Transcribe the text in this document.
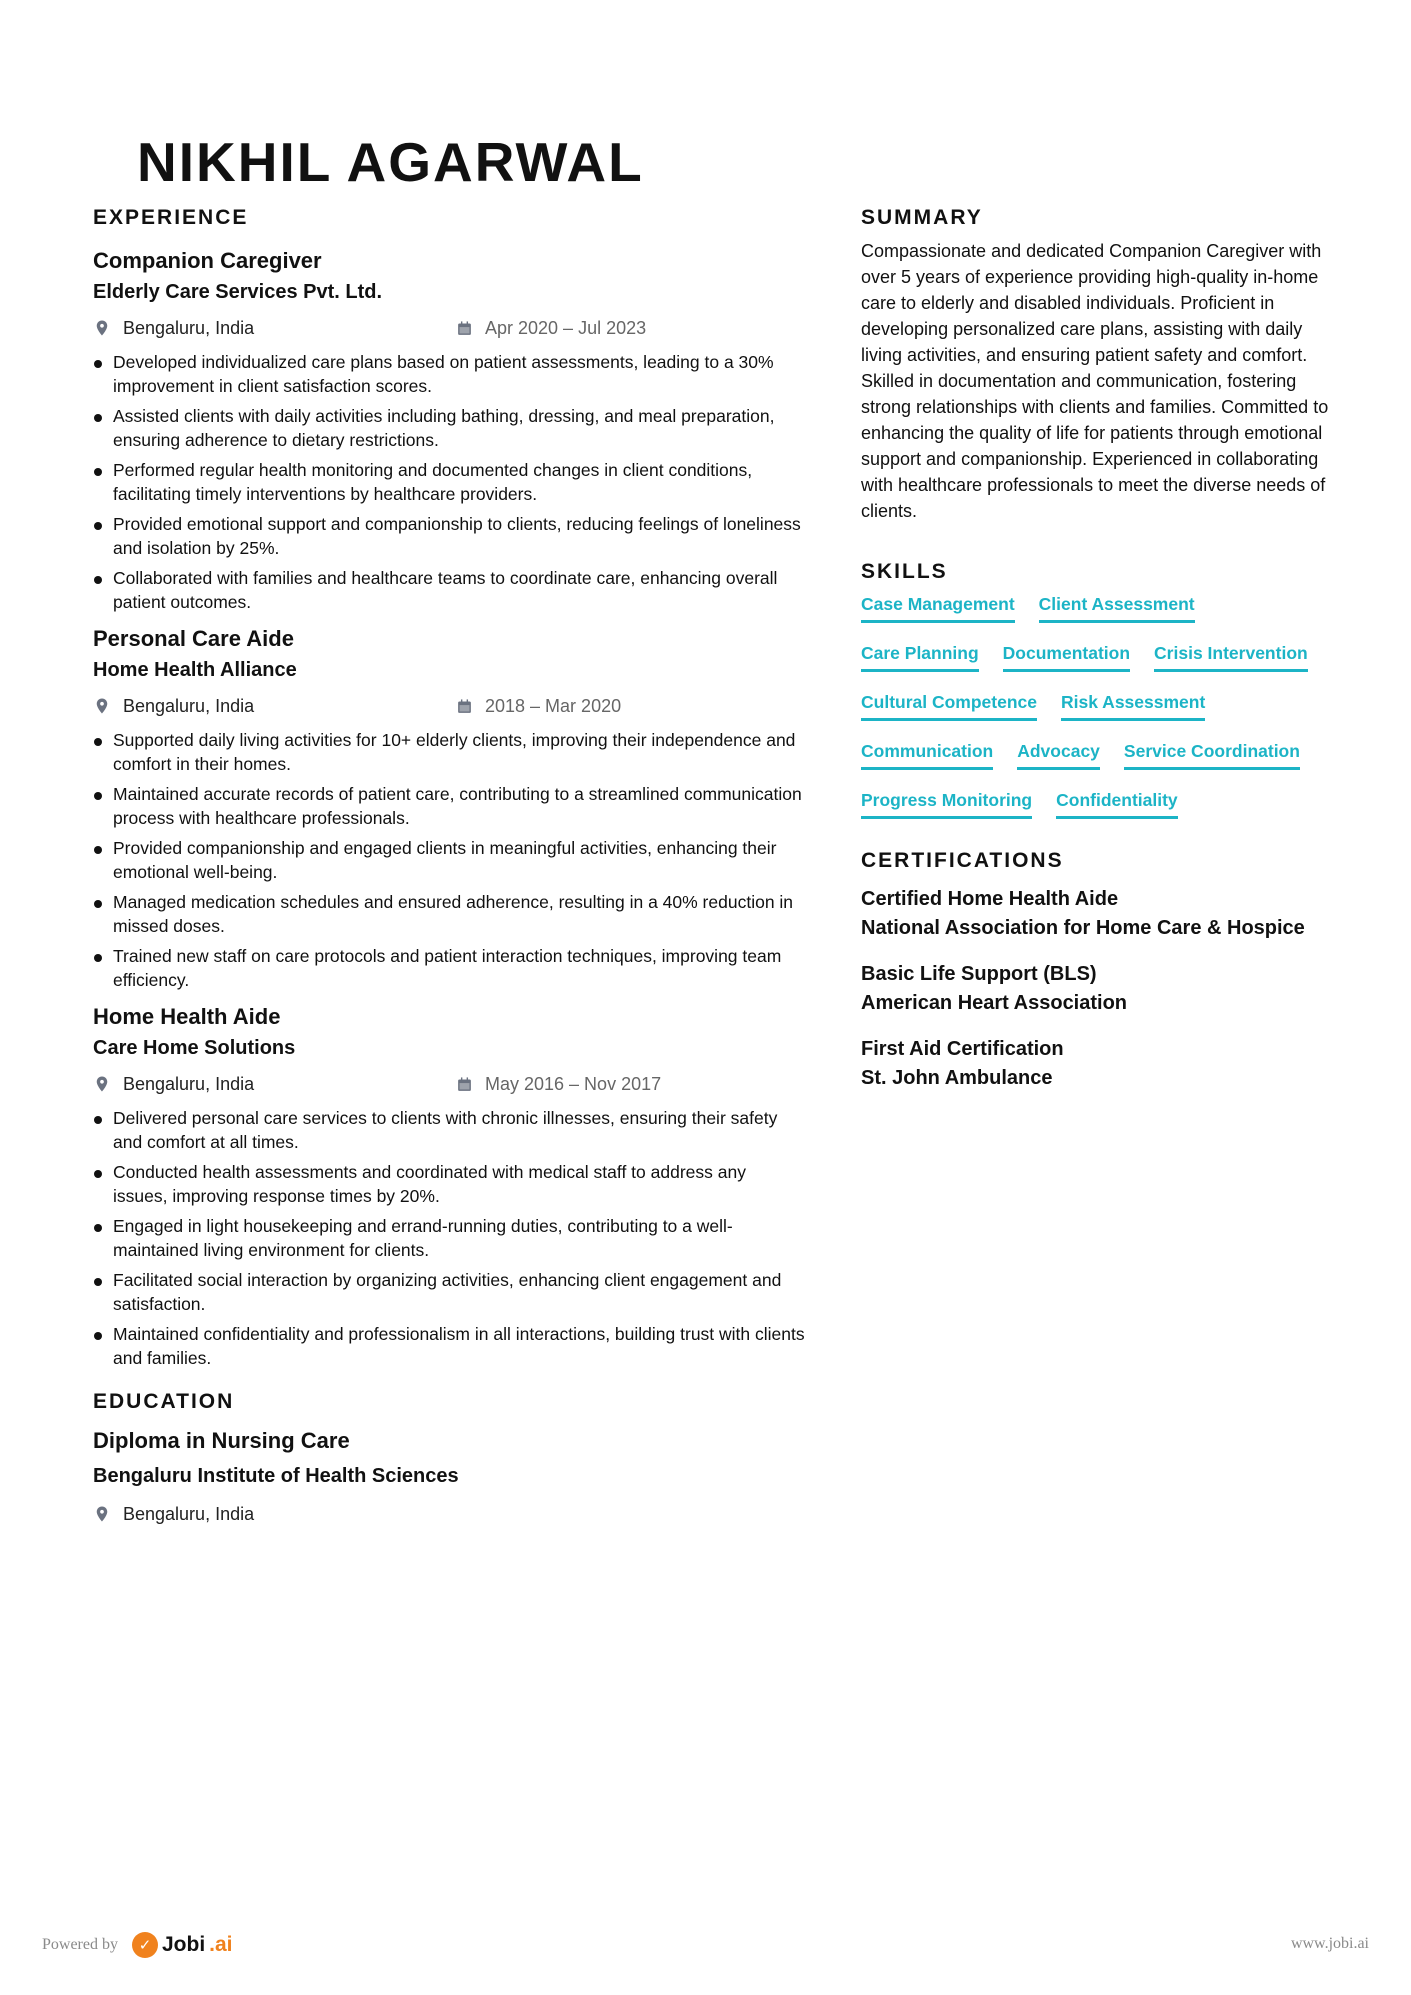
NIKHIL AGARWAL
EXPERIENCE
Companion Caregiver
Elderly Care Services Pvt. Ltd.
Bengaluru, India	Apr 2020 – Jul 2023
Developed individualized care plans based on patient assessments, leading to a 30% improvement in client satisfaction scores.
Assisted clients with daily activities including bathing, dressing, and meal preparation, ensuring adherence to dietary restrictions.
Performed regular health monitoring and documented changes in client conditions, facilitating timely interventions by healthcare providers.
Provided emotional support and companionship to clients, reducing feelings of loneliness and isolation by 25%.
Collaborated with families and healthcare teams to coordinate care, enhancing overall patient outcomes.
Personal Care Aide
Home Health Alliance
Bengaluru, India	2018 – Mar 2020
Supported daily living activities for 10+ elderly clients, improving their independence and comfort in their homes.
Maintained accurate records of patient care, contributing to a streamlined communication process with healthcare professionals.
Provided companionship and engaged clients in meaningful activities, enhancing their emotional well-being.
Managed medication schedules and ensured adherence, resulting in a 40% reduction in missed doses.
Trained new staff on care protocols and patient interaction techniques, improving team efficiency.
Home Health Aide
Care Home Solutions
Bengaluru, India	May 2016 – Nov 2017
Delivered personal care services to clients with chronic illnesses, ensuring their safety and comfort at all times.
Conducted health assessments and coordinated with medical staff to address any issues, improving response times by 20%.
Engaged in light housekeeping and errand-running duties, contributing to a well-maintained living environment for clients.
Facilitated social interaction by organizing activities, enhancing client engagement and satisfaction.
Maintained confidentiality and professionalism in all interactions, building trust with clients and families.
EDUCATION
Diploma in Nursing Care
Bengaluru Institute of Health Sciences
Bengaluru, India
SUMMARY
Compassionate and dedicated Companion Caregiver with over 5 years of experience providing high-quality in-home care to elderly and disabled individuals. Proficient in developing personalized care plans, assisting with daily living activities, and ensuring patient safety and comfort. Skilled in documentation and communication, fostering strong relationships with clients and families. Committed to enhancing the quality of life for patients through emotional support and companionship. Experienced in collaborating with healthcare professionals to meet the diverse needs of clients.
SKILLS
Case Management Client Assessment
Care Planning Documentation Crisis Intervention
Cultural Competence Risk Assessment
Communication Advocacy Service Coordination
Progress Monitoring Confidentiality
CERTIFICATIONS
Certified Home Health Aide
National Association for Home Care & Hospice
Basic Life Support (BLS)
American Heart Association
First Aid Certification
St. John Ambulance
Powered by	✓ Jobi .ai	www.jobi.ai
